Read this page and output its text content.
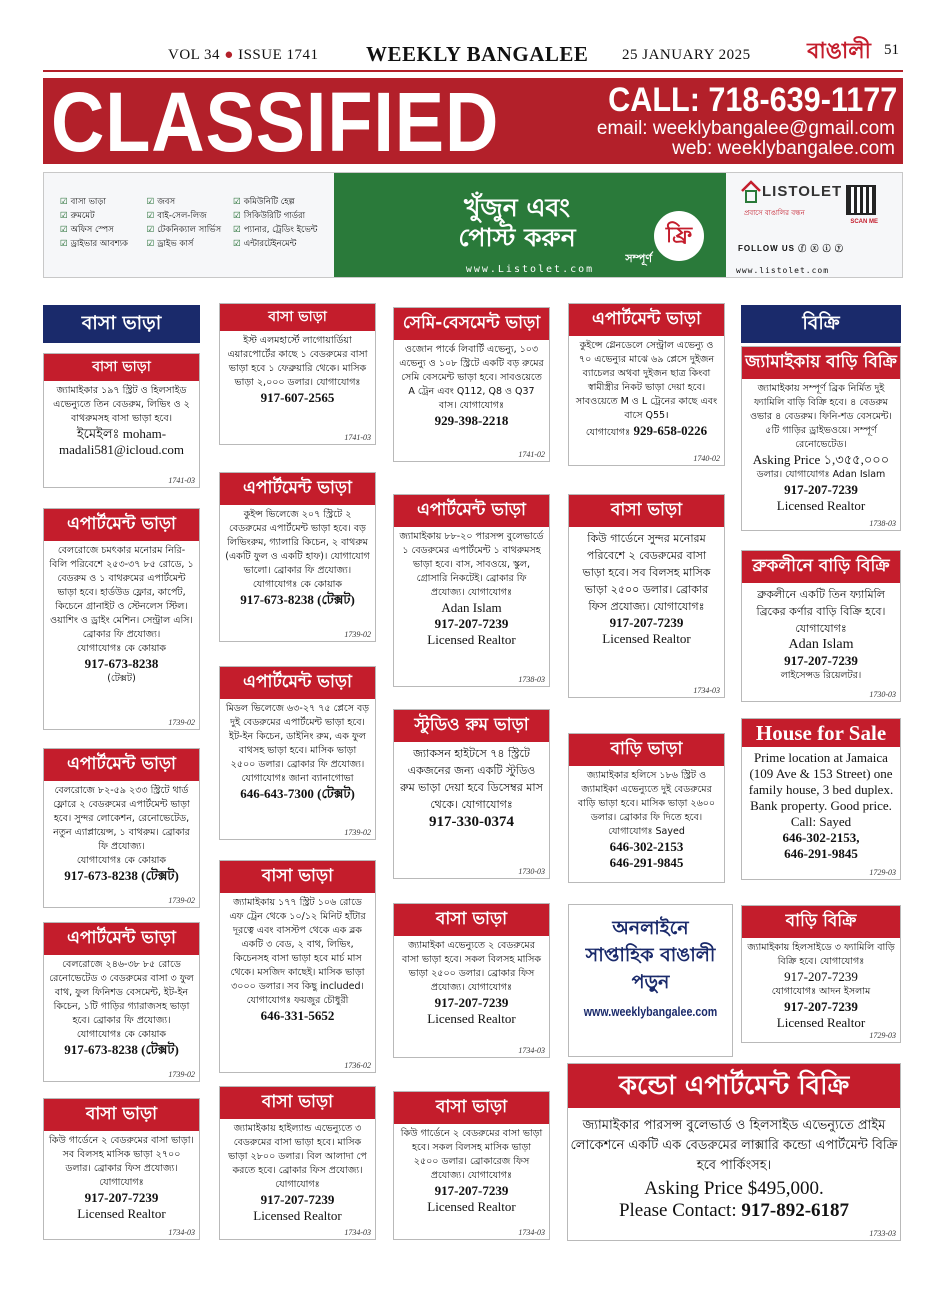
VOL 34 ● ISSUE 1741 WEEKLY BANGALEE 25 JANUARY 2025	বাঙালী 51
CLASSIFIED	CALL: 718-639-1177
email: weeklybangalee@gmail.com
web: weeklybangalee.com
☑ বাসা ভাড়া	☑ জবস	☑ কমিউনিটি হেল্প
☑ রুমমেট	☑ বাই-সেল-লিজ	☑ সিকিউরিটি গার্ডরা
☑ অফিস স্পেস	☑ টেকনিক্যাল সার্ভিস	☑ প্যানার, ট্রেডিং ইভেন্ট
☑ ড্রাইভার আবশ্যক	☑ ড্রাইভ কার্স	☑ এন্টারটেইনমেন্ট
খুঁজুন এবং
পোস্ট করুন
সম্পূর্ণ
ফ্রি
www.Listolet.com
LISTOLET
প্রবাসে বাঙালির বন্ধন
FOLLOW US ⓕ ⓧ ⓘ ⓨ
SCAN ME
www.listolet.com
বাসা ভাড়া
বাসা ভাড়া
জ্যামাইকার ১৯৭ স্ট্রিট ও হিলসাইড এভেন্যুতে তিন বেডরুম, লিভিং ও ২ বাথরুমসহ বাসা ভাড়া হবে।
ইমেইলঃ moham-
madali581@icloud.com
1741-03
এপার্টমেন্ট ভাড়া
বেলরোজে চমৎকার মনোরম নিরি-বিলি পরিবেশে ২৫৩-৩৭ ৮৫ রোডে, ১ বেডরুম ও ১ বাথরুমের এপার্টমেন্ট ভাড়া হবে। হার্ডউড ফ্লোর, কার্পেট, কিচেনে গ্রানাইট ও স্টেনলেস স্টিল। ওয়াশিং ও ড্রাইং মেশিন। সেন্ট্রাল এসি। ব্রোকার ফি প্রযোজ্য।
যোগাযোগঃ কে কোয়াক
917-673-8238
(টেক্সট)
1739-02
এপার্টমেন্ট ভাড়া
বেলরোজে ৮২-৫৯ ২৩৩ স্ট্রিটে থার্ড ফ্লোরে ২ বেডরুমের এপার্টমেন্ট ভাড়া হবে। সুন্দর লোকেশন, রেনোভেটেড, নতুন এ্যাপ্লায়েন্স, ১ বাথরুম। ব্রোকার ফি প্রযোজ্য।
যোগাযোগঃ কে কোয়াক
917-673-8238 (টেক্সট)
1739-02
এপার্টমেন্ট ভাড়া
বেলরোজে ২৪৬-৩৮ ৮৫ রোডে রেনোভেটেড ৩ বেডরুমের বাসা ৩ ফুল বাথ, ফুল ফিনিশড বেসমেন্ট, ইট-ইন কিচেন, ১টি গাড়ির গ্যারাজসহ ভাড়া হবে। ব্রোকার ফি প্রযোজ্য। যোগাযোগঃ কে কোয়াক
917-673-8238 (টেক্সট)
1739-02
বাসা ভাড়া
কিউ গার্ডেনে ২ বেডরুমের বাসা ভাড়া। সব বিলসহ মাসিক ভাড়া ২৭০০ ডলার। ব্রোকার ফিস প্রযোজ্য। যোগাযোগঃ
917-207-7239
Licensed Realtor
1734-03
বাসা ভাড়া
ইস্ট এলমহার্স্টে লাগোয়ার্ডিয়া এয়ারপোর্টের কাছে ১ বেডরুমের বাসা ভাড়া হবে ১ ফেব্রুয়ারি থেকে। মাসিক ভাড়া ২,০০০ ডলার। যোগাযোগঃ
917-607-2565
1741-03
এপার্টমেন্ট ভাড়া
কুইন্স ভিলেজে ২০৭ স্ট্রিটে ২ বেডরুমের এপার্টমেন্ট ভাড়া হবে। বড় লিভিংরুম, গ্যালারি কিচেন, ২ বাথরুম (একটি ফুল ও একটি হাফ)। যোগাযোগ ভালো। ব্রোকার ফি প্রযোজ্য। যোগাযোগঃ কে কোয়াক
917-673-8238 (টেক্সট)
1739-02
এপার্টমেন্ট ভাড়া
মিডল ভিলেজে ৬৩-২৭ ৭৫ প্লেসে বড় দুই বেডরুমের এপার্টমেন্ট ভাড়া হবে। ইট-ইন কিচেন, ডাইনিং রুম, এক ফুল বাথসহ ভাড়া হবে। মাসিক ভাড়া ২৫০০ ডলার। ব্রোকার ফি প্রযোজ্য। যোগাযোগঃ জানা ব্যানাগোভা
646-643-7300 (টেক্সট)
1739-02
বাসা ভাড়া
জ্যামাইকায় ১৭৭ স্ট্রিট ১০৬ রোডে এফ ট্রেন থেকে ১০/১২ মিনিট হাঁটার দূরত্বে এবং বাসস্টপ থেকে এক ব্লক একটি ৩ বেড, ২ বাথ, লিভিং, কিচেনসহ বাসা ভাড়া হবে মার্চ মাস থেকে। মসজিদ কাছেই। মাসিক ভাড়া ৩০০০ ডলার। সব কিছু included। যোগাযোগঃ ফয়জুর চৌধুরী
646-331-5652
1736-02
বাসা ভাড়া
জ্যামাইকায় হাইল্যান্ড এভেন্যুতে ৩ বেডরুমের বাসা ভাড়া হবে। মাসিক ভাড়া ২৮০০ ডলার। বিল আলাদা পে করতে হবে। ব্রোকার ফিস প্রযোজ্য। যোগাযোগঃ
917-207-7239
Licensed Realtor
1734-03
সেমি-বেসমেন্ট ভাড়া
ওজোন পার্কে লিবার্টি এভেন্যু, ১০৩ এভেন্যু ও ১০৮ স্ট্রিটে একটি বড় রুমের সেমি বেসমেন্ট ভাড়া হবে। সাবওয়েতে A ট্রেন এবং Q112, Q8 ও Q37 বাস। যোগাযোগঃ
929-398-2218
1741-02
এপার্টমেন্ট ভাড়া
জ্যামাইকায় ৮৮-২০ পারসন্স বুলেভার্ডে ১ বেডরুমের এপার্টমেন্ট ১ বাথরুমসহ ভাড়া হবে। বাস, সাবওয়ে, স্কুল, গ্রোসারি নিকটেই। ব্রোকার ফি প্রযোজ্য। যোগাযোগঃ
Adan Islam
917-207-7239
Licensed Realtor
1738-03
স্টুডিও রুম ভাড়া
জ্যাকসন হাইটসে ৭৪ স্ট্রিটে একজনের জন্য একটি স্টুডিও রুম ভাড়া দেয়া হবে ডিসেম্বর মাস থেকে। যোগাযোগঃ
917-330-0374
1730-03
বাসা ভাড়া
জ্যামাইকা এভেন্যুতে ২ বেডরুমের বাসা ভাড়া হবে। সকল বিলসহ মাসিক ভাড়া ২৫০০ ডলার। ব্রোকার ফিস প্রযোজ্য। যোগাযোগঃ
917-207-7239
Licensed Realtor
1734-03
বাসা ভাড়া
কিউ গার্ডেনে ২ বেডরুমের বাসা ভাড়া হবে। সকল বিলসহ মাসিক ভাড়া ২৫০০ ডলার। ব্রোকারেজ ফিস প্রযোজ্য। যোগাযোগঃ
917-207-7239
Licensed Realtor
1734-03
এপার্টমেন্ট ভাড়া
কুইন্সে গ্লেনডেলে সেন্ট্রাল এভেন্যু ও ৭০ এভেন্যুর মাঝে ৬৯ প্লেসে দুইজন ব্যাচেলর অথবা দুইজন ছাত্র কিংবা স্বামীস্ত্রীর নিকট ভাড়া দেয়া হবে। সাবওয়েতে M ও L ট্রেনের কাছে এবং বাসে Q55।
যোগাযোগঃ 929-658-0226
1740-02
বাসা ভাড়া
কিউ গার্ডেনে সুন্দর মনোরম পরিবেশে ২ বেডরুমের বাসা ভাড়া হবে। সব বিলসহ মাসিক ভাড়া ২৫০০ ডলার। ব্রোকার ফিস প্রযোজ্য। যোগাযোগঃ
917-207-7239
Licensed Realtor
1734-03
বাড়ি ভাড়া
জ্যামাইকার হলিসে ১৮৬ স্ট্রিট ও জ্যামাইকা এভেন্যুতে দুই বেডরুমের বাড়ি ভাড়া হবে। মাসিক ভাড়া ২৬০০ ডলার। ব্রোকার ফি দিতে হবে। যোগাযোগঃ Sayed
646-302-2153
646-291-9845
অনলাইনে
সাপ্তাহিক বাঙালী
পড়ুন
www.weeklybangalee.com
বিক্রি
জ্যামাইকায় বাড়ি বিক্রি
জ্যামাইকায় সম্পূর্ণ ব্রিক নির্মিত দুই ফ্যামিলি বাড়ি বিক্রি হবে। ৪ বেডরুম ওভার ৪ বেডরুম। ফিনি-শড বেসমেন্ট। ৫টি গাড়ির ড্রাইভওয়ে। সম্পূর্ণ রেনোভেটেড।
Asking Price ১,৩৫৫,০০০
ডলার। যোগাযোগঃ Adan Islam
917-207-7239
Licensed Realtor
1738-03
ব্রুকলীনে বাড়ি বিক্রি
ব্রুকলীনে একটি তিন ফ্যামিলি ব্রিকের কর্ণার বাড়ি বিক্রি হবে। যোগাযোগঃ
Adan Islam
917-207-7239
লাইসেন্সড রিয়েলটর।
1730-03
House for Sale
Prime location at Jamaica (109 Ave & 153 Street) one family house, 3 bed duplex. Bank property. Good price.
Call: Sayed
646-302-2153,
646-291-9845
1729-03
বাড়ি বিক্রি
জ্যামাইকায় হিলসাইডে ৩ ফ্যামিলি বাড়ি বিক্রি হবে। যোগাযোগঃ
917-207-7239
যোগাযোগঃ আদন ইসলাম
917-207-7239
Licensed Realtor
1729-03
কন্ডো এপার্টমেন্ট বিক্রি
জ্যামাইকার পারসন্স বুলেভার্ড ও হিলসাইড এভেন্যুতে প্রাইম লোকেশনে একটি এক বেডরুমের লাক্সারি কন্ডো এপার্টমেন্ট বিক্রি হবে পার্কিংসহ।
Asking Price $495,000.
Please Contact: 917-892-6187
1733-03
